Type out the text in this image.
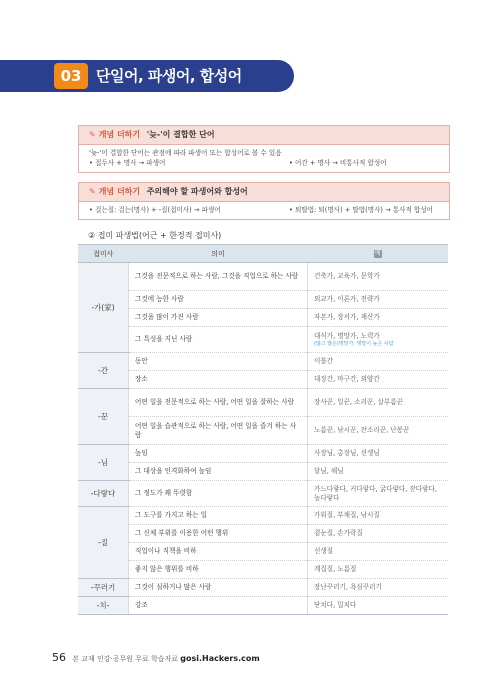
03 단일어, 파생어, 합성어
✎ 개념 더하기 '늦-'이 결합한 단어
'늦-'이 결합한 단어는 관점에 따라 파생어 또는 합성어로 볼 수 있음
• 접두사 + 명사 → 파생어	• 어간 + 명사 → 비통사적 합성어
✎ 개념 더하기 주의해야 할 파생어와 합성어
• 걸는질: 걸는(명사) + -질(접미사) → 파생어	• 퇴딸법: 퇴(명사) + 딸법(명사) → 통사적 합성어
② 접미 파생법(어근 + 한정적 접미사)
접미사	의미	예
-가(家)	그것을 전문적으로 하는 사람, 그것을 직업으로 하는 사람	건축가, 교육가, 문학가
	그것에 능한 사람	외교가, 이론가, 전략가
	그것을 많이 가진 사람	자본가, 장서가, 재산가
	그 특성을 지닌 사람	대식가, 명망가, 노력가
(많고 많은)명망가: 명망이 높은 사람

-간	동안	이틀간
	장소	대장간, 마구간, 외양간
-꾼	어떤 일을 전문적으로 하는 사람, 어떤 일을 잘하는 사람	장사꾼, 일꾼, 소리꾼, 살부름꾼
	어떤 일을 습관적으로 하는 사람, 어떤 일을 즐겨 하는 사람	노름꾼, 낚시꾼, 잔소리꾼, 난봉꾼
-님	높임	사장님, 총장님, 선생님
	그 대상을 인격화하여 높임	달님, 해님
-다랗다	그 정도가 꽤 뚜렷함	가느다랗다, 커다랗다, 굵다랗다, 잗다랗다, 높다랗다
-질	그 도구를 가지고 하는 일	가위질, 부채질, 낚시질
	그 신체 부위를 이용한 어떤 행위	곁눈질, 손가락질
	직업이나 직책을 비하	선생질
	좋지 않은 행위를 비하	계집질, 노름질
-꾸러기	그것이 심하거나 많은 사람	장난꾸러기, 욕심꾸러기
-치-	강조	닫치다, 밀치다
56 본 교재 인강·공무원 무료 학습자료 gosi.Hackers.com
